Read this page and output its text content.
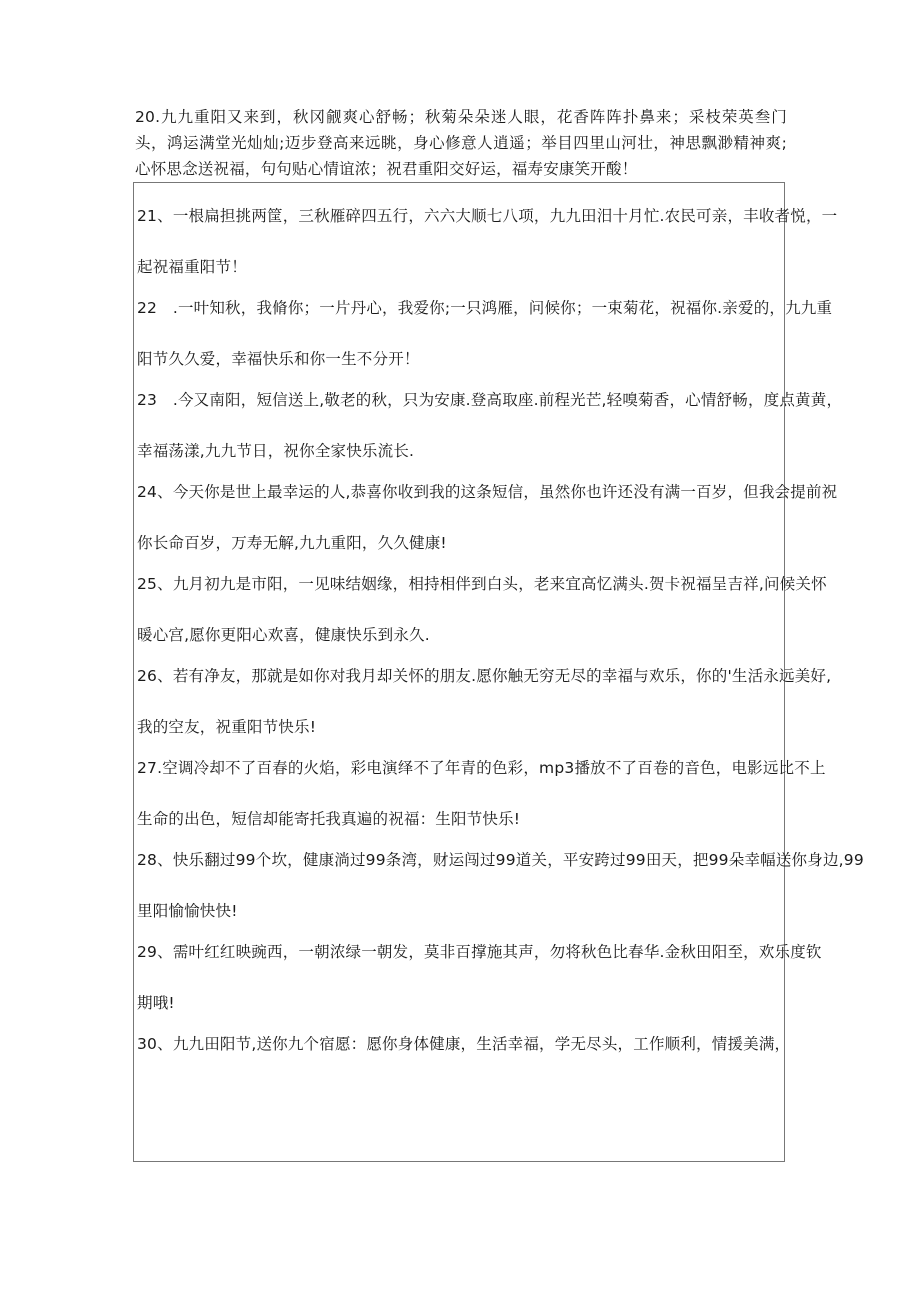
20.九九重阳又来到，秋冈觎爽心舒畅；秋菊朵朵迷人眼，花香阵阵扑鼻来；采枝荣英叁门头，鸿运满堂光灿灿;迈步登高来远眺，身心修意人逍遥；举目四里山河壮，神思飘渺精神爽;心怀思念送祝福，句句贴心情谊浓；祝君重阳交好运，福寿安康笑开酸！

21、一根扁担挑两筐，三秋雁碎四五行，六六大顺七八项，九九田汨十月忙.农民可亲，丰收者悦，一
起祝福重阳节！
22　.一叶知秋，我脩你；一片丹心，我爱你;一只鸿雁，问候你；一束菊花，祝福你.亲爱的，九九重
阳节久久爱，幸福快乐和你一生不分开！
23　.今又南阳，短信送上,敬老的秋，只为安康.登高取座.前程光芒,轻嗅菊香，心情舒畅，度点黄黄，
幸福荡漾,九九节日，祝你全家快乐流长.
24、今天你是世上最幸运的人,恭喜你收到我的这条短信，虽然你也许还没有满一百岁，但我会提前祝
你长命百岁，万寿无解,九九重阳，久久健康!
25、九月初九是市阳，一见味结姻缘，相持相伴到白头，老来宜高忆满头.贺卡祝福呈吉祥,问候关怀
暖心宫,愿你更阳心欢喜，健康快乐到永久.
26、若有净友，那就是如你对我月却关怀的朋友.愿你触无穷无尽的幸福与欢乐，你的'生活永远美好,
我的空友，祝重阳节快乐!
27.空调冷却不了百春的火焰，彩电演绎不了年青的色彩，mp3播放不了百卷的音色，电影远比不上
生命的出色，短信却能寄托我真遍的祝福：生阳节快乐!
28、快乐翻过99个坎，健康淌过99条湾，财运闯过99道关，平安跨过99田天，把99朵幸幅送你身边,99
里阳愉愉快快!
29、需叶红红映豌西，一朝浓绿一朝发，莫非百撑施其声，勿将秋色比春华.金秋田阳至，欢乐度钦
期哦!
30、九九田阳节,送你九个宿愿：愿你身体健康，生活幸福，学无尽头，工作顺利，情援美满，
